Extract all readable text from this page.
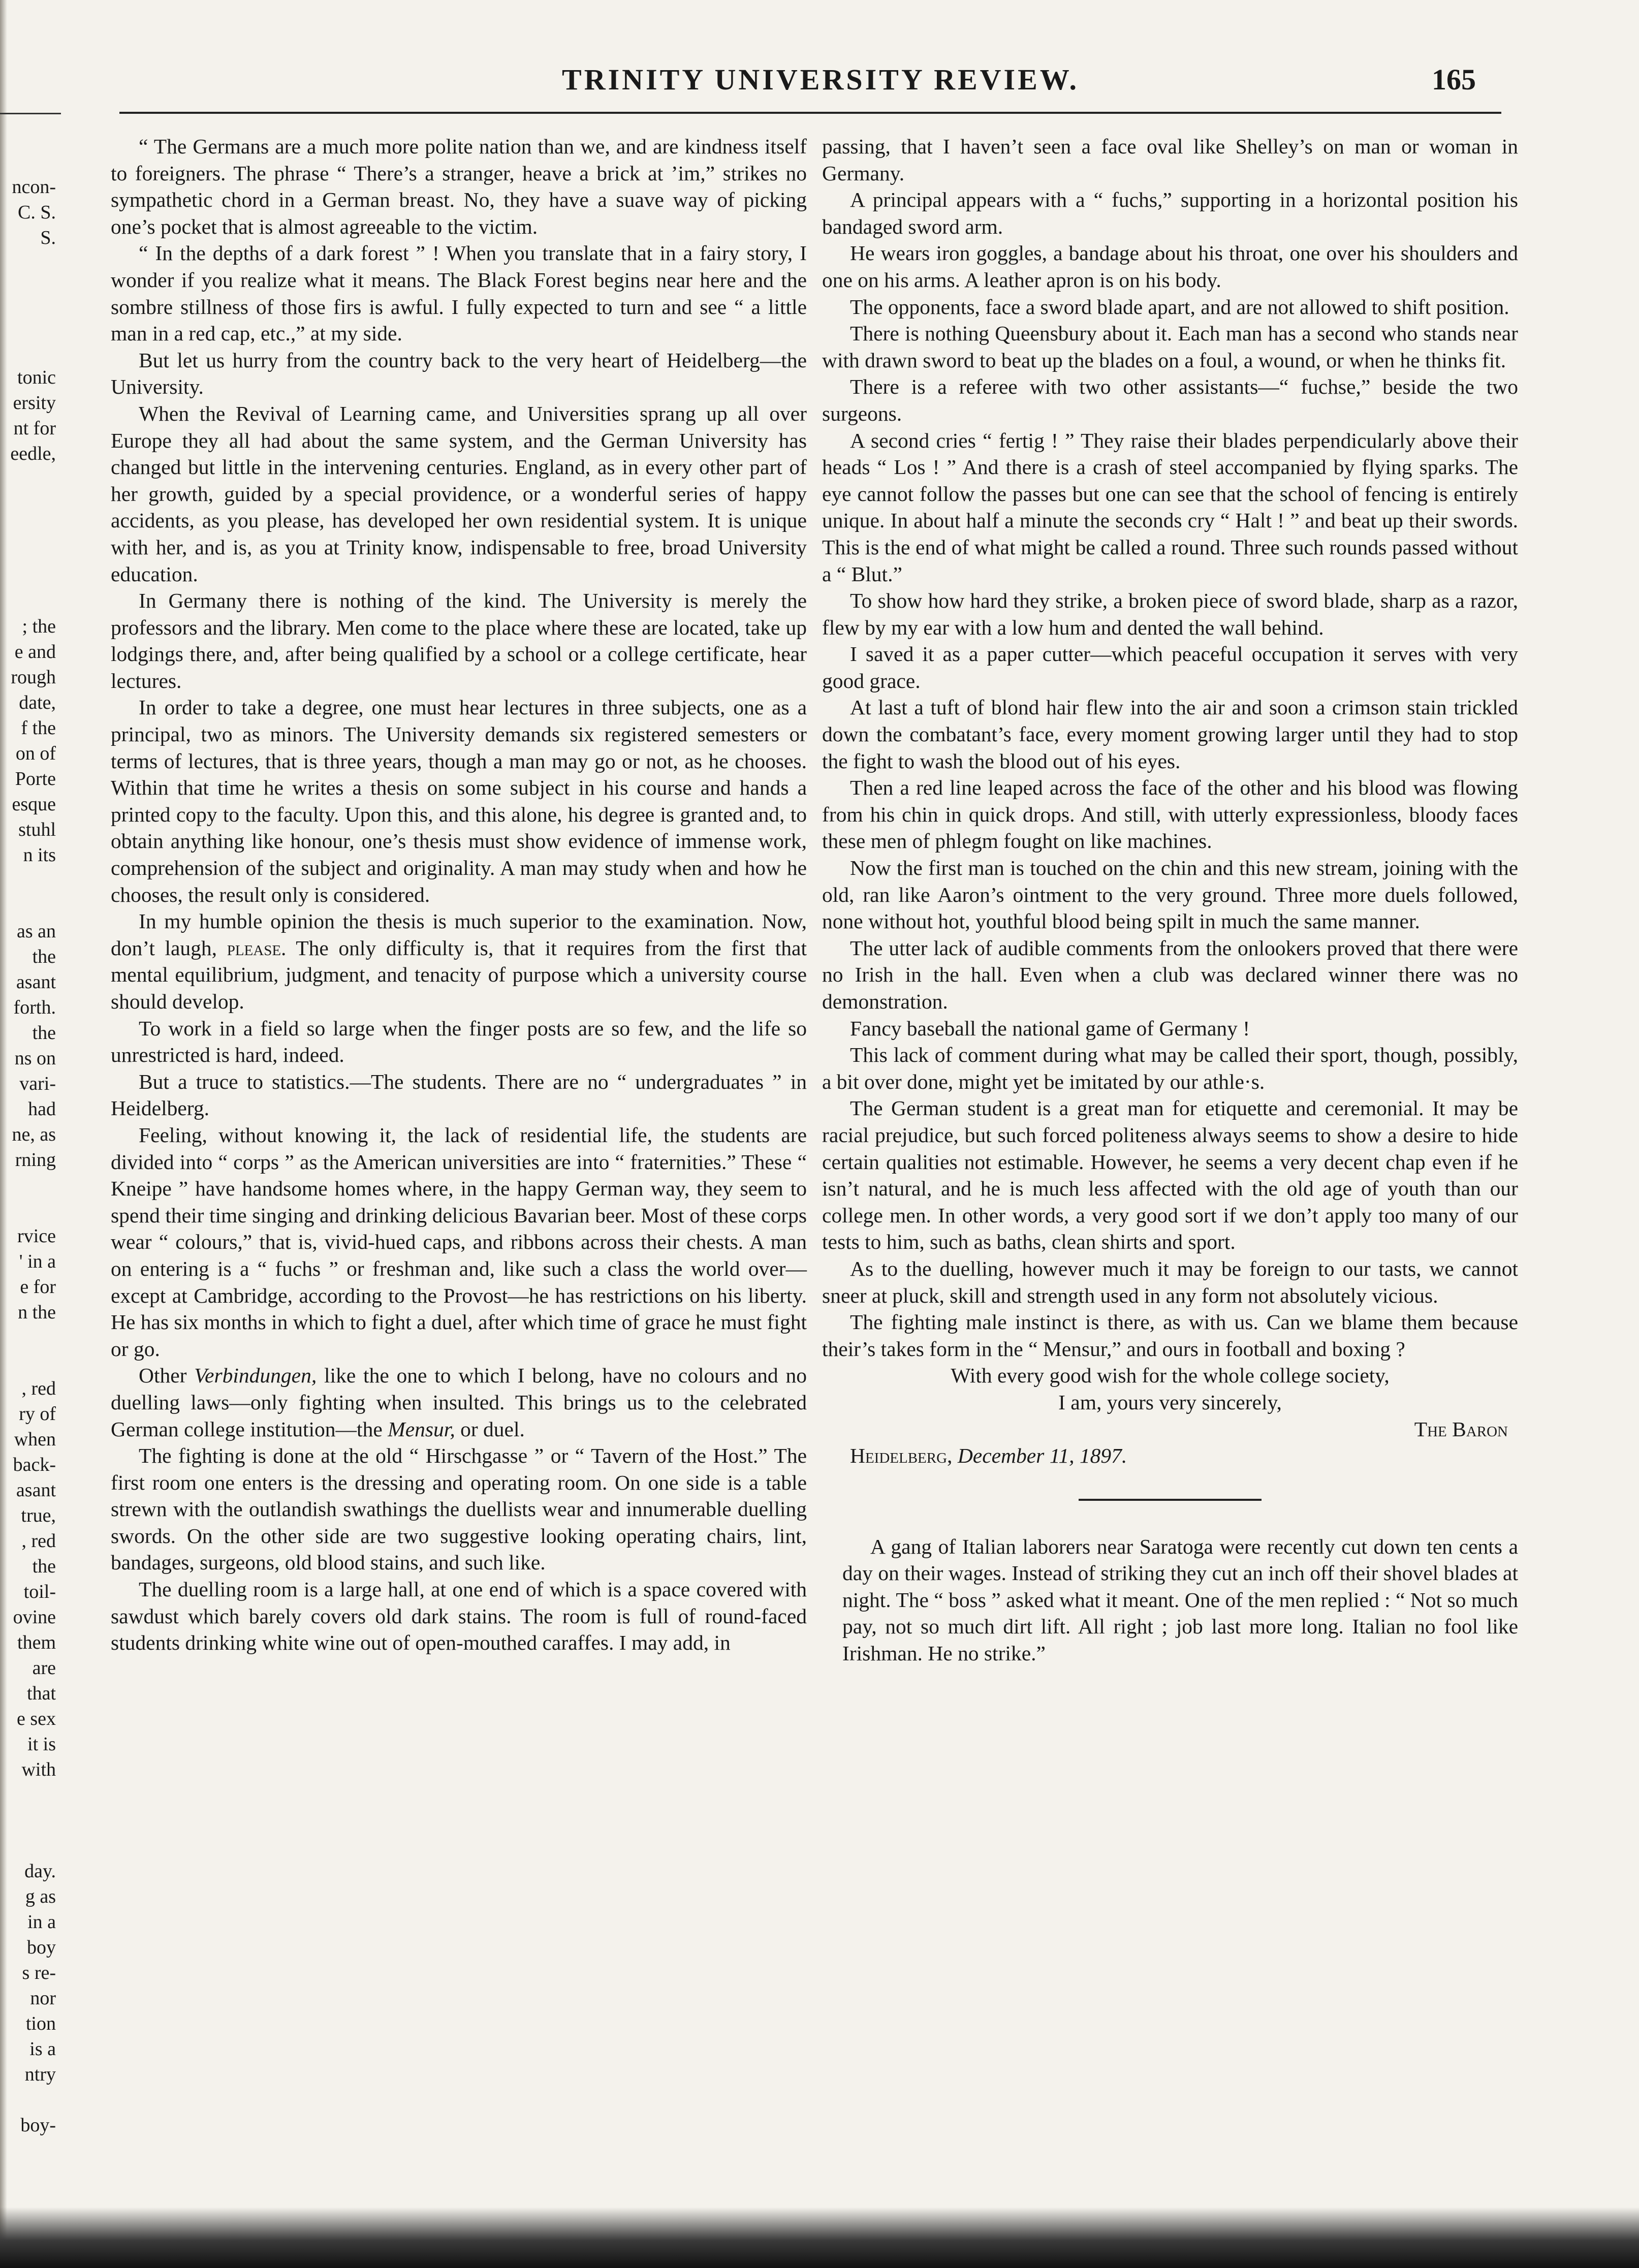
TRINITY UNIVERSITY REVIEW.	165
ncon-
C. S.
S.
tonic
ersity
nt for
eedle,
; the
e and
rough
date,
f the
on of
Porte
esque
stuhl
n its
as an
the
asant
forth.
the
ns on
vari-
had
ne, as
rning
rvice
' in a
e for
n the
, red
ry of
when
back-
asant
true,
, red
the
toil-
ovine
them
are
that
e sex
it is
with
day.
g as
in a
boy
s re-
nor
tion
is a
ntry
boy-

“ The Germans are a much more polite nation than we, and are kindness itself to foreigners. The phrase “ There’s a stranger, heave a brick at ’im,” strikes no sympathetic chord in a German breast. No, they have a suave way of picking one’s pocket that is almost agreeable to the victim.

“ In the depths of a dark forest ” ! When you translate that in a fairy story, I wonder if you realize what it means. The Black Forest begins near here and the sombre stillness of those firs is awful. I fully expected to turn and see “ a little man in a red cap, etc.,” at my side.

But let us hurry from the country back to the very heart of Heidelberg—the University.

When the Revival of Learning came, and Universities sprang up all over Europe they all had about the same system, and the German University has changed but little in the intervening centuries. England, as in every other part of her growth, guided by a special providence, or a wonderful series of happy accidents, as you please, has developed her own residential system. It is unique with her, and is, as you at Trinity know, indispensable to free, broad University education.

In Germany there is nothing of the kind. The University is merely the professors and the library. Men come to the place where these are located, take up lodgings there, and, after being qualified by a school or a college certificate, hear lectures.

In order to take a degree, one must hear lectures in three subjects, one as a principal, two as minors. The University demands six registered semesters or terms of lectures, that is three years, though a man may go or not, as he chooses. Within that time he writes a thesis on some subject in his course and hands a printed copy to the faculty. Upon this, and this alone, his degree is granted and, to obtain anything like honour, one’s thesis must show evidence of immense work, comprehension of the subject and originality. A man may study when and how he chooses, the result only is considered.

In my humble opinion the thesis is much superior to the examination. Now, don’t laugh, please. The only difficulty is, that it requires from the first that mental equilibrium, judgment, and tenacity of purpose which a university course should develop.

To work in a field so large when the finger posts are so few, and the life so unrestricted is hard, indeed.

But a truce to statistics.—The students. There are no “ undergraduates ” in Heidelberg.

Feeling, without knowing it, the lack of residential life, the students are divided into “ corps ” as the American universities are into “ fraternities.” These “ Kneipe ” have handsome homes where, in the happy German way, they seem to spend their time singing and drinking delicious Bavarian beer. Most of these corps wear “ colours,” that is, vivid-hued caps, and ribbons across their chests. A man on entering is a “ fuchs ” or freshman and, like such a class the world over—except at Cambridge, according to the Provost—he has restrictions on his liberty. He has six months in which to fight a duel, after which time of grace he must fight or go.

Other Verbindungen, like the one to which I belong, have no colours and no duelling laws—only fighting when insulted. This brings us to the celebrated German college institution—the Mensur, or duel.

The fighting is done at the old “ Hirschgasse ” or “ Tavern of the Host.” The first room one enters is the dressing and operating room. On one side is a table strewn with the outlandish swathings the duellists wear and innumerable duelling swords. On the other side are two suggestive looking operating chairs, lint, bandages, surgeons, old blood stains, and such like.

The duelling room is a large hall, at one end of which is a space covered with sawdust which barely covers old dark stains. The room is full of round-faced students drinking white wine out of open-mouthed caraffes. I may add, in

passing, that I haven’t seen a face oval like Shelley’s on man or woman in Germany.

A principal appears with a “ fuchs,” supporting in a horizontal position his bandaged sword arm.

He wears iron goggles, a bandage about his throat, one over his shoulders and one on his arms. A leather apron is on his body.

The opponents, face a sword blade apart, and are not allowed to shift position.

There is nothing Queensbury about it. Each man has a second who stands near with drawn sword to beat up the blades on a foul, a wound, or when he thinks fit.

There is a referee with two other assistants—“ fuchse,” beside the two surgeons.

A second cries “ fertig ! ” They raise their blades perpendicularly above their heads “ Los ! ” And there is a crash of steel accompanied by flying sparks. The eye cannot follow the passes but one can see that the school of fencing is entirely unique. In about half a minute the seconds cry “ Halt ! ” and beat up their swords. This is the end of what might be called a round. Three such rounds passed without a “ Blut.”

To show how hard they strike, a broken piece of sword blade, sharp as a razor, flew by my ear with a low hum and dented the wall behind.

I saved it as a paper cutter—which peaceful occupation it serves with very good grace.

At last a tuft of blond hair flew into the air and soon a crimson stain trickled down the combatant’s face, every moment growing larger until they had to stop the fight to wash the blood out of his eyes.

Then a red line leaped across the face of the other and his blood was flowing from his chin in quick drops. And still, with utterly expressionless, bloody faces these men of phlegm fought on like machines.

Now the first man is touched on the chin and this new stream, joining with the old, ran like Aaron’s ointment to the very ground. Three more duels followed, none without hot, youthful blood being spilt in much the same manner.

The utter lack of audible comments from the onlookers proved that there were no Irish in the hall. Even when a club was declared winner there was no demonstration.

Fancy baseball the national game of Germany !

This lack of comment during what may be called their sport, though, possibly, a bit over done, might yet be imitated by our athle·s.

The German student is a great man for etiquette and ceremonial. It may be racial prejudice, but such forced politeness always seems to show a desire to hide certain qualities not estimable. However, he seems a very decent chap even if he isn’t natural, and he is much less affected with the old age of youth than our college men. In other words, a very good sort if we don’t apply too many of our tests to him, such as baths, clean shirts and sport.

As to the duelling, however much it may be foreign to our tasts, we cannot sneer at pluck, skill and strength used in any form not absolutely vicious.

The fighting male instinct is there, as with us. Can we blame them because their’s takes form in the “ Mensur,” and ours in football and boxing ?

With every good wish for the whole college society,

I am, yours very sincerely,

The Baron

Heidelberg, December 11, 1897.

A gang of Italian laborers near Saratoga were recently cut down ten cents a day on their wages. Instead of striking they cut an inch off their shovel blades at night. The “ boss ” asked what it meant. One of the men replied : “ Not so much pay, not so much dirt lift. All right ; job last more long. Italian no fool like Irishman. He no strike.”
